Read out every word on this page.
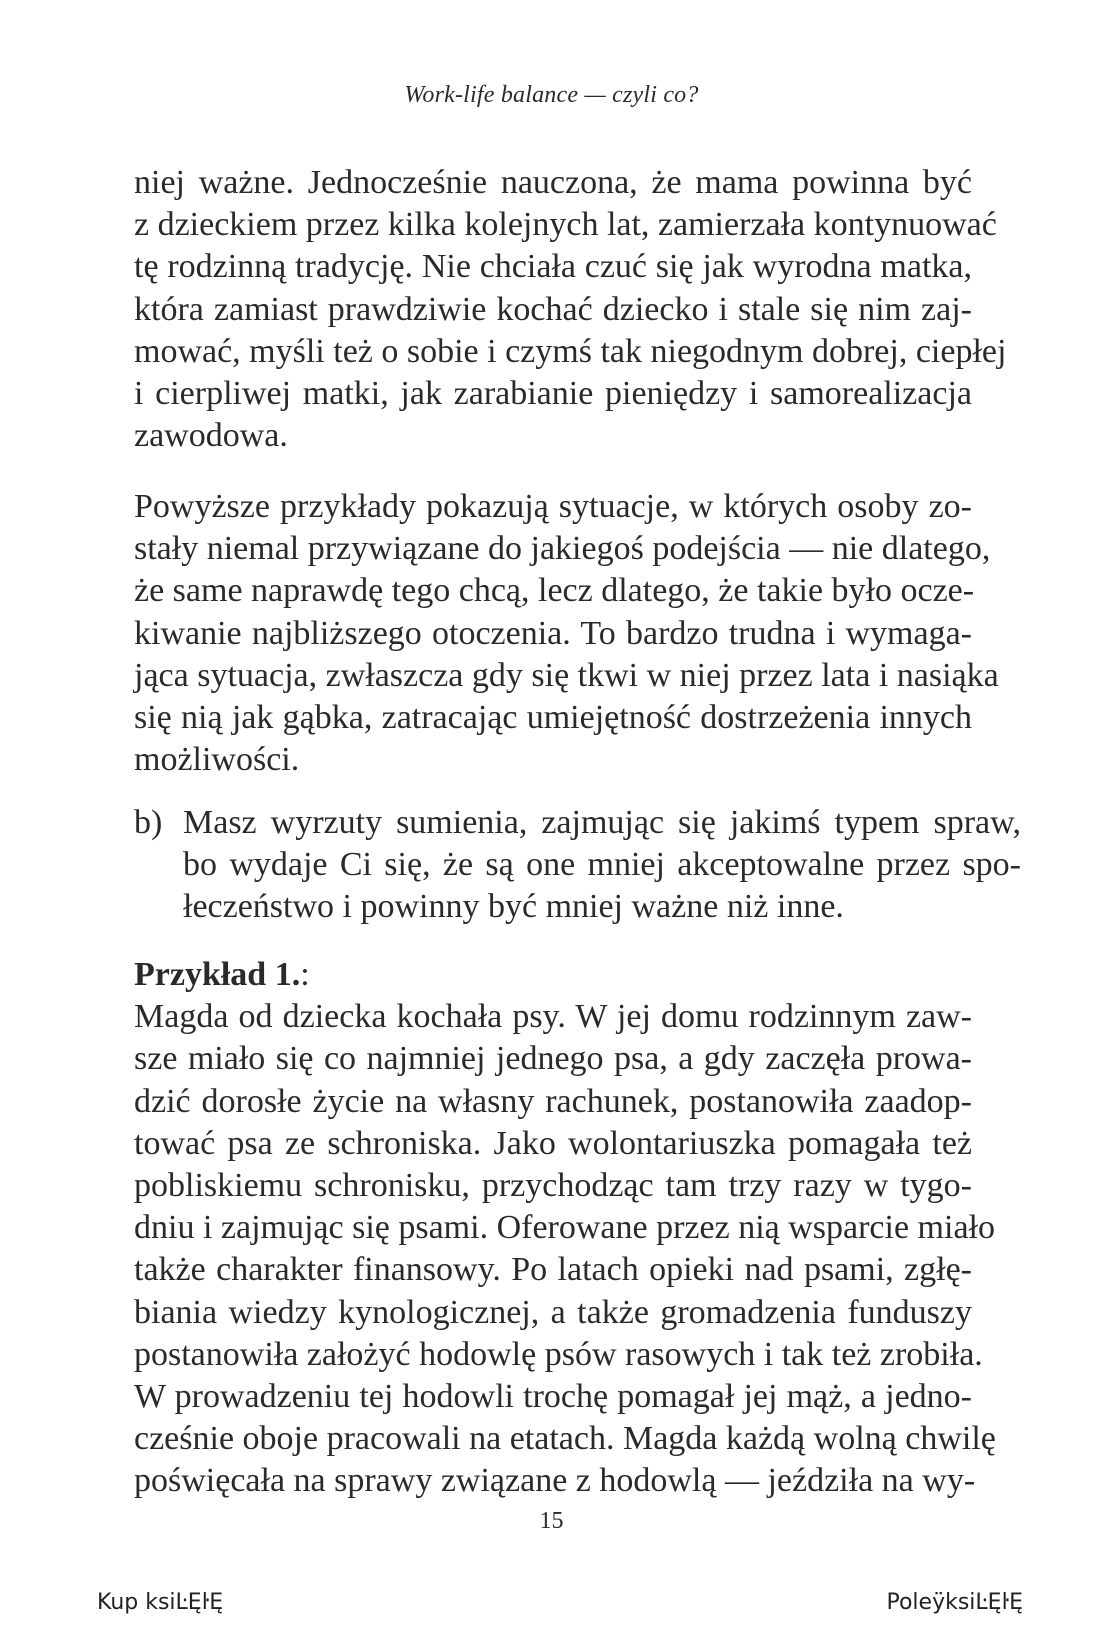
Work-life balance — czyli co?
niej ważne. Jednocześnie nauczona, że mama powinna być
z dzieckiem przez kilka kolejnych lat, zamierzała kontynuować
tę rodzinną tradycję. Nie chciała czuć się jak wyrodna matka,
która zamiast prawdziwie kochać dziecko i stale się nim zaj-
mować, myśli też o sobie i czymś tak niegodnym dobrej, ciepłej
i cierpliwej matki, jak zarabianie pieniędzy i samorealizacja
zawodowa.
Powyższe przykłady pokazują sytuacje, w których osoby zo-
stały niemal przywiązane do jakiegoś podejścia — nie dlatego,
że same naprawdę tego chcą, lecz dlatego, że takie było ocze-
kiwanie najbliższego otoczenia. To bardzo trudna i wymaga-
jąca sytuacja, zwłaszcza gdy się tkwi w niej przez lata i nasiąka
się nią jak gąbka, zatracając umiejętność dostrzeżenia innych
możliwości.
b) Masz wyrzuty sumienia, zajmując się jakimś typem spraw,
bo wydaje Ci się, że są one mniej akceptowalne przez spo-
łeczeństwo i powinny być mniej ważne niż inne.
Przykład 1.:
Magda od dziecka kochała psy. W jej domu rodzinnym zaw-
sze miało się co najmniej jednego psa, a gdy zaczęła prowa-
dzić dorosłe życie na własny rachunek, postanowiła zaadop-
tować psa ze schroniska. Jako wolontariuszka pomagała też
pobliskiemu schronisku, przychodząc tam trzy razy w tygo-
dniu i zajmując się psami. Oferowane przez nią wsparcie miało
także charakter finansowy. Po latach opieki nad psami, zgłę-
biania wiedzy kynologicznej, a także gromadzenia funduszy
postanowiła założyć hodowlę psów rasowych i tak też zrobiła.
W prowadzeniu tej hodowli trochę pomagał jej mąż, a jedno-
cześnie oboje pracowali na etatach. Magda każdą wolną chwilę
poświęcała na sprawy związane z hodowlą — jeździła na wy-
15
Kup ksiĿĘŀĘ	PoleÿksiĿĘŀĘ
